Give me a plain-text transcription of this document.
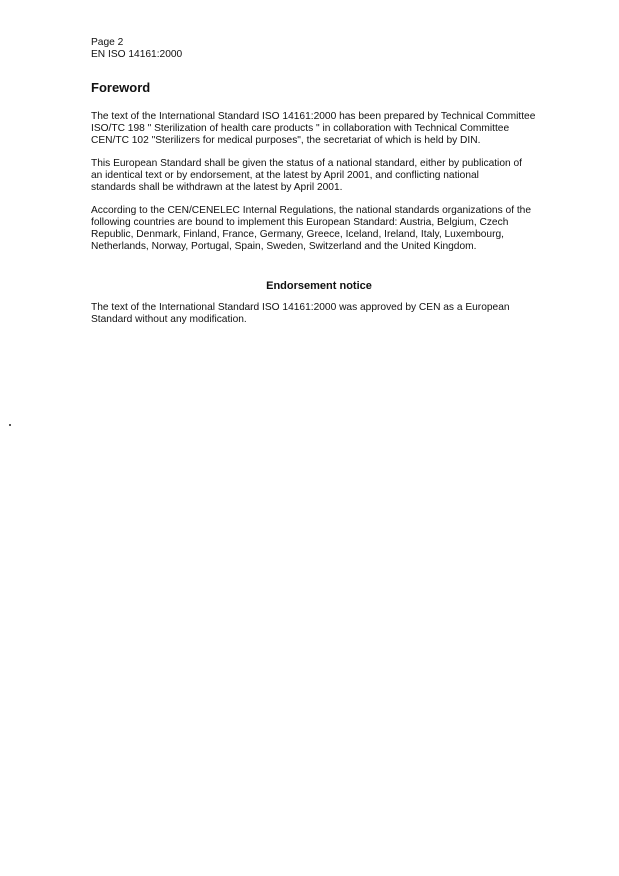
Page 2
EN ISO 14161:2000
Foreword
The text of the International Standard ISO 14161:2000 has been prepared by Technical Committee
ISO/TC 198 " Sterilization of health care products " in collaboration with Technical Committee
CEN/TC 102 "Sterilizers for medical purposes", the secretariat of which is held by DIN.
This European Standard shall be given the status of a national standard, either by publication of
an identical text or by endorsement, at the latest by April 2001, and conflicting national
standards shall be withdrawn at the latest by April 2001.
According to the CEN/CENELEC Internal Regulations, the national standards organizations of the
following countries are bound to implement this European Standard: Austria, Belgium, Czech
Republic, Denmark, Finland, France, Germany, Greece, Iceland, Ireland, Italy, Luxembourg,
Netherlands, Norway, Portugal, Spain, Sweden, Switzerland and the United Kingdom.
Endorsement notice
The text of the International Standard ISO 14161:2000 was approved by CEN as a European
Standard without any modification.
